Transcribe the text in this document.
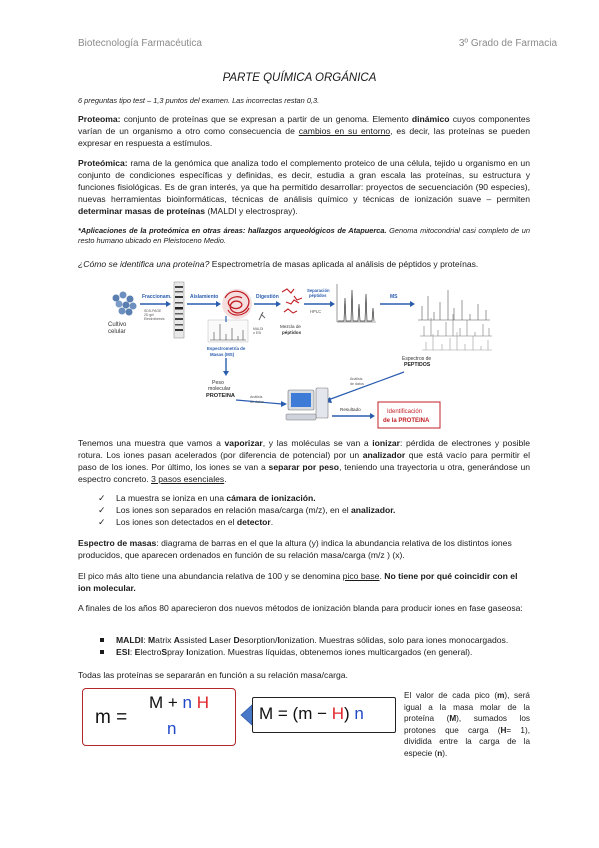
Biotecnología Farmacéutica	3º Grado de Farmacia
PARTE QUÍMICA ORGÁNICA
6 preguntas tipo test – 1,3 puntos del examen. Las incorrectas restan 0,3.
Proteoma: conjunto de proteínas que se expresan a partir de un genoma. Elemento dinámico cuyos componentes varían de un organismo a otro como consecuencia de cambios en su entorno, es decir, las proteínas se pueden expresar en respuesta a estímulos.
Proteómica: rama de la genómica que analiza todo el complemento proteico de una célula, tejido u organismo en un conjunto de condiciones específicas y definidas, es decir, estudia a gran escala las proteínas, su estructura y funciones fisiológicas. Es de gran interés, ya que ha permitido desarrollar: proyectos de secuenciación (90 especies), nuevas herramientas bioinformáticas, técnicas de análisis químico y técnicas de ionización suave – permiten determinar masas de proteínas (MALDI y electrospray).
*Aplicaciones de la proteómica en otras áreas: hallazgos arqueológicos de Atapuerca. Genoma mitocondrial casi completo de un resto humano ubicado en Pleistoceno Medio.
¿Cómo se identifica una proteína? Espectrometría de masas aplicada al análisis de péptidos y proteínas.
Cultivo
celular
Fraccionam.
SDS-PAGE
2D gel
Electroforesis
Aislamiento	Digestión
Mezcla de
péptidos
Separación
péptidos
HPLC
MS
Espectrometría de
Masas (MS)
MALDI
o ESI
Peso
molecular
PROTEINA	Análisis
de datos
Espectros de
PEPTIDOS
Análisis
de datos
Resultado	Identificación
de la PROTEINA
Tenemos una muestra que vamos a vaporizar, y las moléculas se van a ionizar: pérdida de electrones y posible rotura. Los iones pasan acelerados (por diferencia de potencial) por un analizador que está vacío para permitir el paso de los iones. Por último, los iones se van a separar por peso, teniendo una trayectoria u otra, generándose un espectro concreto. 3 pasos esenciales.
✓ La muestra se ioniza en una cámara de ionización.
✓ Los iones son separados en relación masa/carga (m/z), en el analizador.
✓ Los iones son detectados en el detector.
Espectro de masas: diagrama de barras en el que la altura (y) indica la abundancia relativa de los distintos iones producidos, que aparecen ordenados en función de su relación masa/carga (m/z ) (x).
El pico más alto tiene una abundancia relativa de 100 y se denomina pico base. No tiene por qué coincidir con el ion molecular.
A finales de los años 80 aparecieron dos nuevos métodos de ionización blanda para producir iones en fase gaseosa:
MALDI: Matrix Assisted Laser Desorption/Ionization. Muestras sólidas, solo para iones monocargados.
ESI: ElectroSpray Ionization. Muestras líquidas, obtenemos iones multicargados (en general).
Todas las proteínas se separarán en función a su relación masa/carga.
m =
M + n H
n
M = (m − H) n
El valor de cada pico (m), será igual a la masa molar de la proteína (M), sumados los protones que carga (H= 1), dividida entre la carga de la especie (n).
